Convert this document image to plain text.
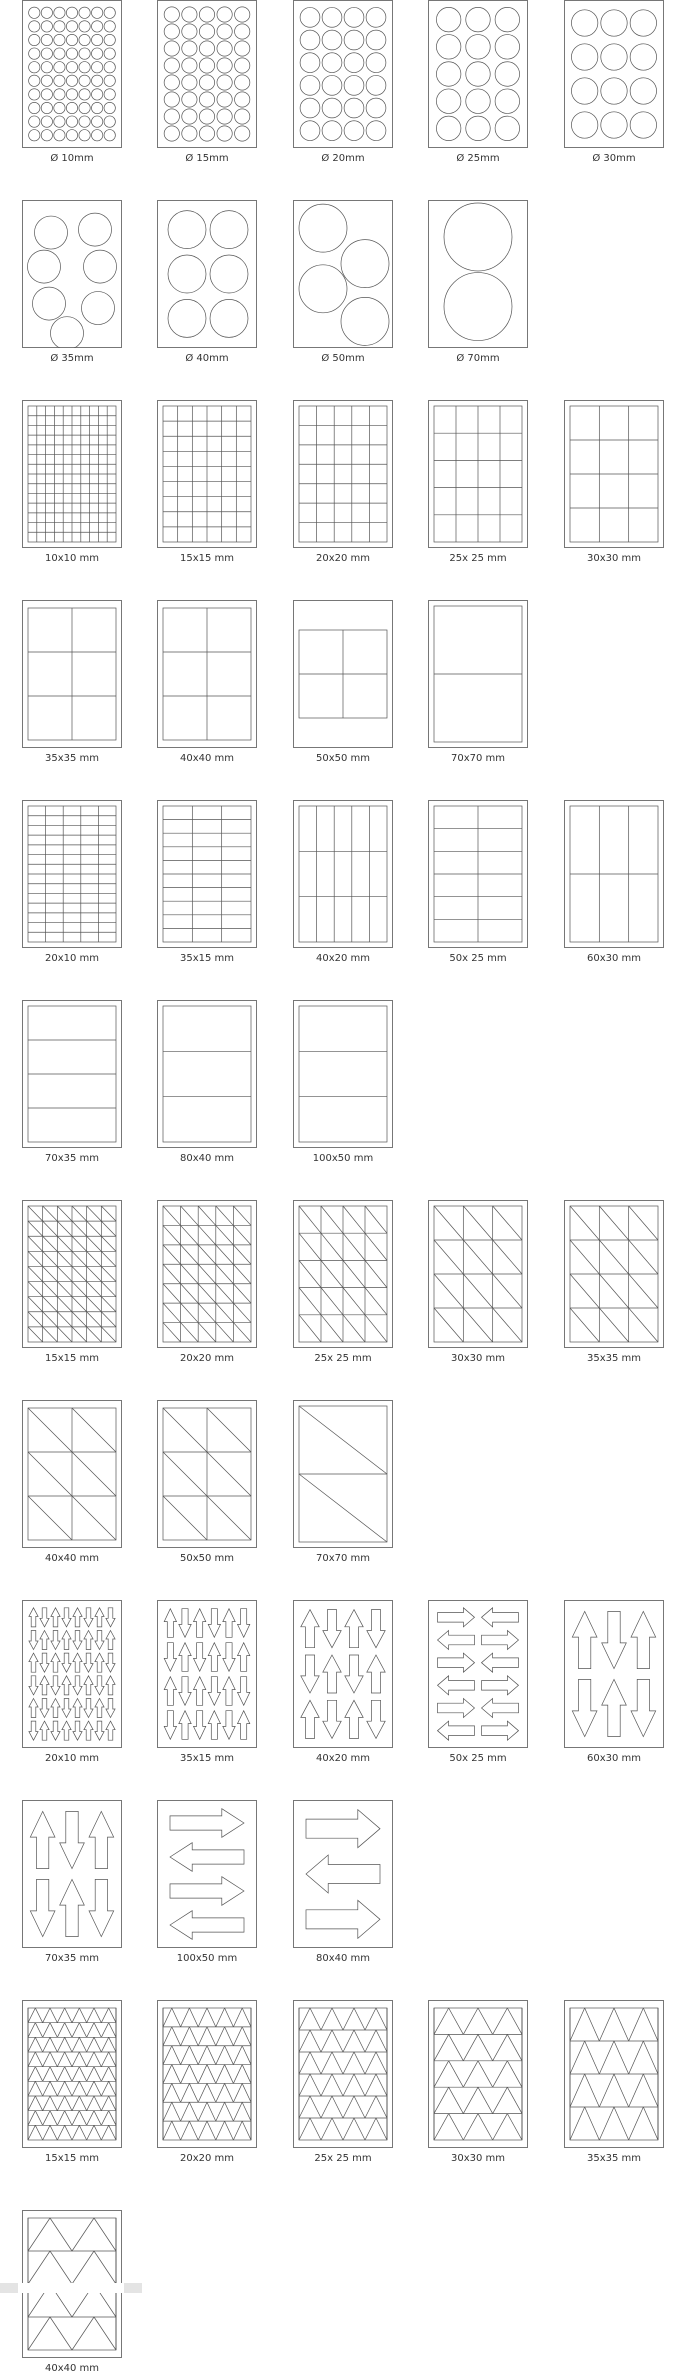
Ø 10mm	Ø 15mm	Ø 20mm	Ø 25mm	Ø 30mm
Ø 35mm	Ø 40mm	Ø 50mm	Ø 70mm
10x10 mm	15x15 mm	20x20 mm	25x 25 mm	30x30 mm
35x35 mm	40x40 mm	50x50 mm	70x70 mm
20x10 mm	35x15 mm	40x20 mm	50x 25 mm	60x30 mm
70x35 mm	80x40 mm	100x50 mm
15x15 mm	20x20 mm	25x 25 mm	30x30 mm	35x35 mm
40x40 mm	50x50 mm	70x70 mm
20x10 mm	35x15 mm	40x20 mm	50x 25 mm	60x30 mm
70x35 mm	100x50 mm	80x40 mm
15x15 mm	20x20 mm	25x 25 mm	30x30 mm	35x35 mm
40x40 mm
